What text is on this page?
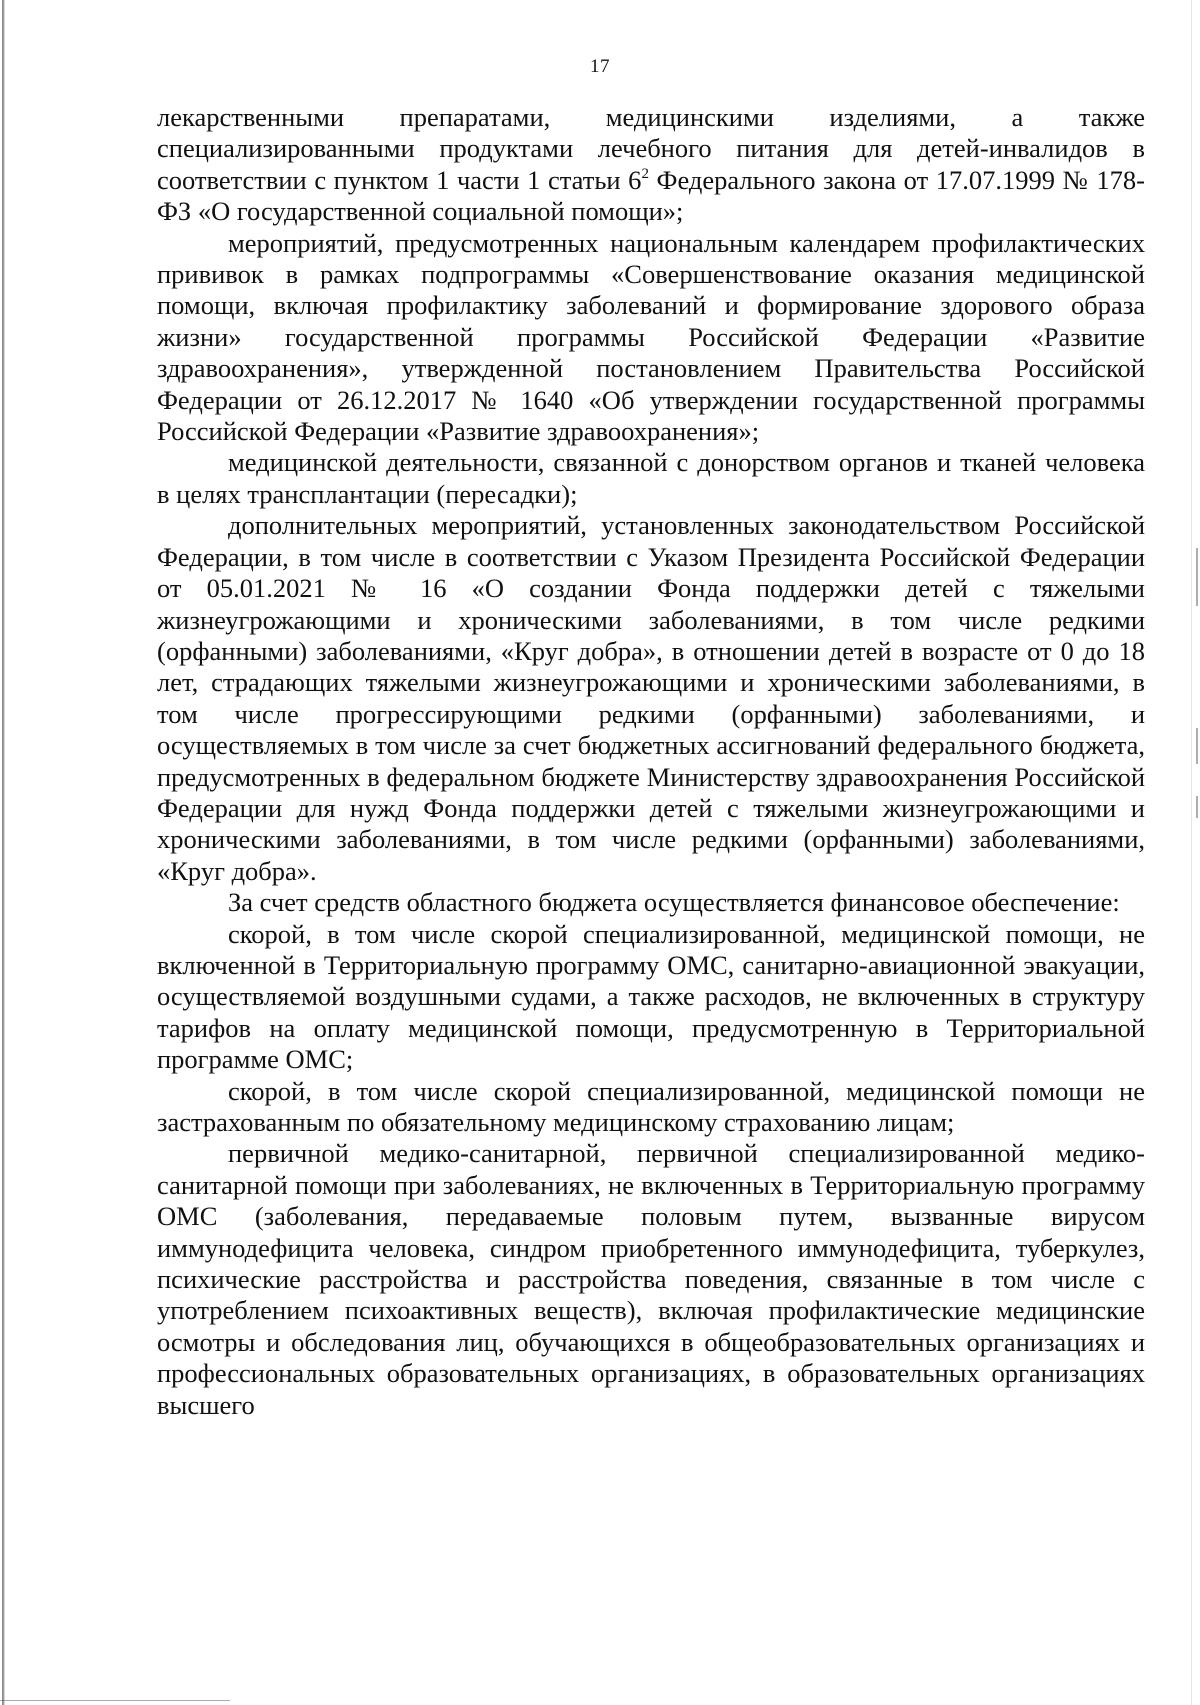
17

лекарственными препаратами, медицинскими изделиями, а также специализированными продуктами лечебного питания для детей-инвалидов в соответствии с пунктом 1 части 1 статьи $6^2$ Федерального закона от 17.07.1999 № 178-ФЗ «О государственной социальной помощи»;

мероприятий, предусмотренных национальным календарем профилактических прививок в рамках подпрограммы «Совершенствование оказания медицинской помощи, включая профилактику заболеваний и формирование здорового образа жизни» государственной программы Российской Федерации «Развитие здравоохранения», утвержденной постановлением Правительства Российской Федерации от 26.12.2017 № 1640 «Об утверждении государственной программы Российской Федерации «Развитие здравоохранения»;

медицинской деятельности, связанной с донорством органов и тканей человека в целях трансплантации (пересадки);

дополнительных мероприятий, установленных законодательством Российской Федерации, в том числе в соответствии с Указом Президента Российской Федерации от 05.01.2021 № 16 «О создании Фонда поддержки детей с тяжелыми жизнеугрожающими и хроническими заболеваниями, в том числе редкими (орфанными) заболеваниями, «Круг добра», в отношении детей в возрасте от 0 до 18 лет, страдающих тяжелыми жизнеугрожающими и хроническими заболеваниями, в том числе прогрессирующими редкими (орфанными) заболеваниями, и осуществляемых в том числе за счет бюджетных ассигнований федерального бюджета, предусмотренных в федеральном бюджете Министерству здравоохранения Российской Федерации для нужд Фонда поддержки детей с тяжелыми жизнеугрожающими и хроническими заболеваниями, в том числе редкими (орфанными) заболеваниями, «Круг добра».

За счет средств областного бюджета осуществляется финансовое обеспечение:

скорой, в том числе скорой специализированной, медицинской помощи, не включенной в Территориальную программу ОМС, санитарно-авиационной эвакуации, осуществляемой воздушными судами, а также расходов, не включенных в структуру тарифов на оплату медицинской помощи, предусмотренную в Территориальной программе ОМС;

скорой, в том числе скорой специализированной, медицинской помощи не застрахованным по обязательному медицинскому страхованию лицам;

первичной медико-санитарной, первичной специализированной медико-санитарной помощи при заболеваниях, не включенных в Территориальную программу ОМС (заболевания, передаваемые половым путем, вызванные вирусом иммунодефицита человека, синдром приобретенного иммунодефицита, туберкулез, психические расстройства и расстройства поведения, связанные в том числе с употреблением психоактивных веществ), включая профилактические медицинские осмотры и обследования лиц, обучающихся в общеобразовательных организациях и профессиональных образовательных организациях, в образовательных организациях высшего
